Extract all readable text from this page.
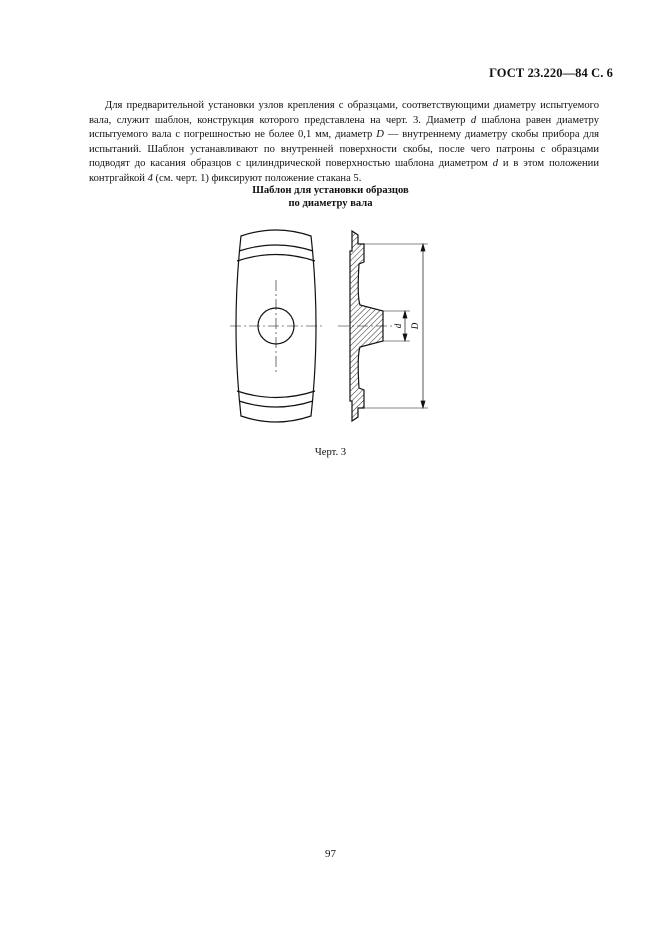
ГОСТ 23.220—84 С. 6

Для предварительной установки узлов крепления с образцами, соответствующими диаметру испытуемого вала, служит шаблон, конструкция которого представлена на черт. 3. Диаметр d шаблона равен диаметру испытуемого вала с погрешностью не более 0,1 мм, диаметр D — внутреннему диаметру скобы прибора для испытаний. Шаблон устанавливают по внутренней поверхности скобы, после чего патроны с образцами подводят до касания образцов с цилиндрической поверхностью шаблона диаметром d и в этом положении контргайкой 4 (см. черт. 1) фиксируют положение стакана 5.

Шаблон для установки образцов
по диаметру вала
d D
Черт. 3
97
